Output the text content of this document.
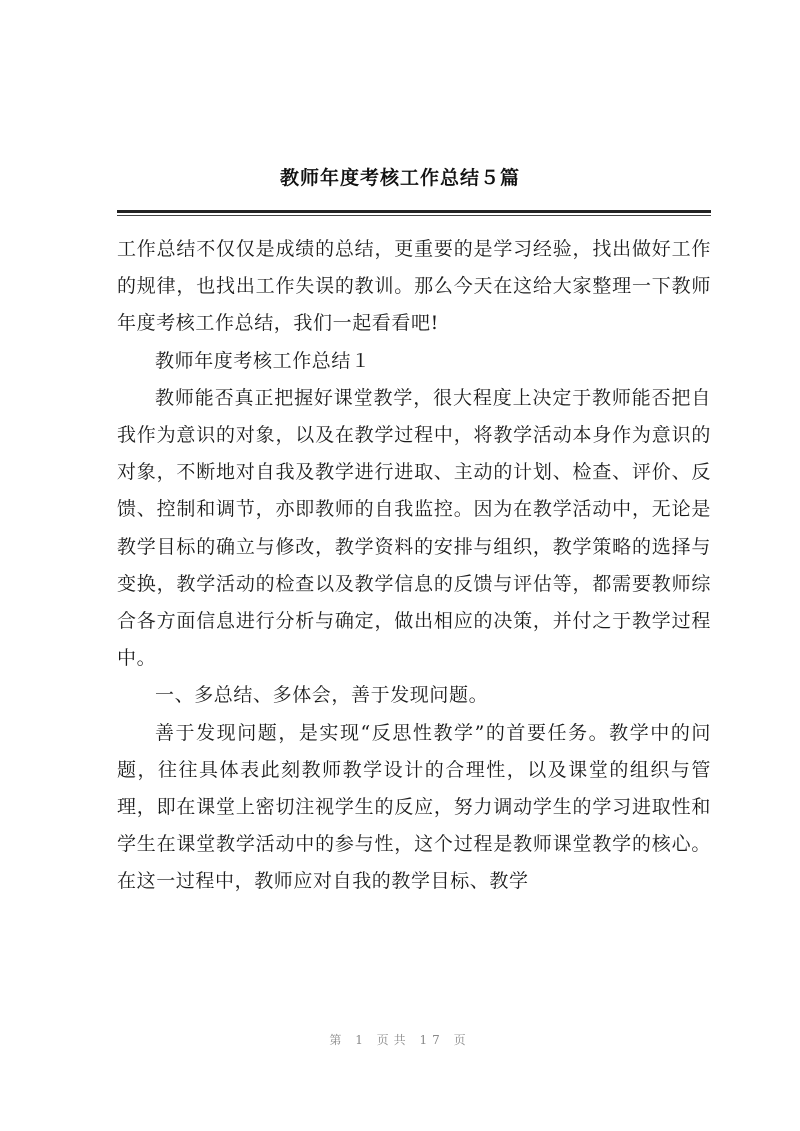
教师年度考核工作总结５篇

工作总结不仅仅是成绩的总结，更重要的是学习经验，找出做好工作的规律，也找出工作失误的教训。那么今天在这给大家整理一下教师年度考核工作总结，我们一起看看吧!

教师年度考核工作总结１

教师能否真正把握好课堂教学，很大程度上决定于教师能否把自我作为意识的对象，以及在教学过程中，将教学活动本身作为意识的对象，不断地对自我及教学进行进取、主动的计划、检查、评价、反馈、控制和调节，亦即教师的自我监控。因为在教学活动中，无论是教学目标的确立与修改，教学资料的安排与组织，教学策略的选择与变换，教学活动的检查以及教学信息的反馈与评估等，都需要教师综合各方面信息进行分析与确定，做出相应的决策，并付之于教学过程中。

一、多总结、多体会，善于发现问题。

善于发现问题，是实现“反思性教学”的首要任务。教学中的问题，往往具体表此刻教师教学设计的合理性，以及课堂的组织与管理，即在课堂上密切注视学生的反应，努力调动学生的学习进取性和学生在课堂教学活动中的参与性，这个过程是教师课堂教学的核心。在这一过程中，教师应对自我的教学目标、教学

第 1 页共 17 页
